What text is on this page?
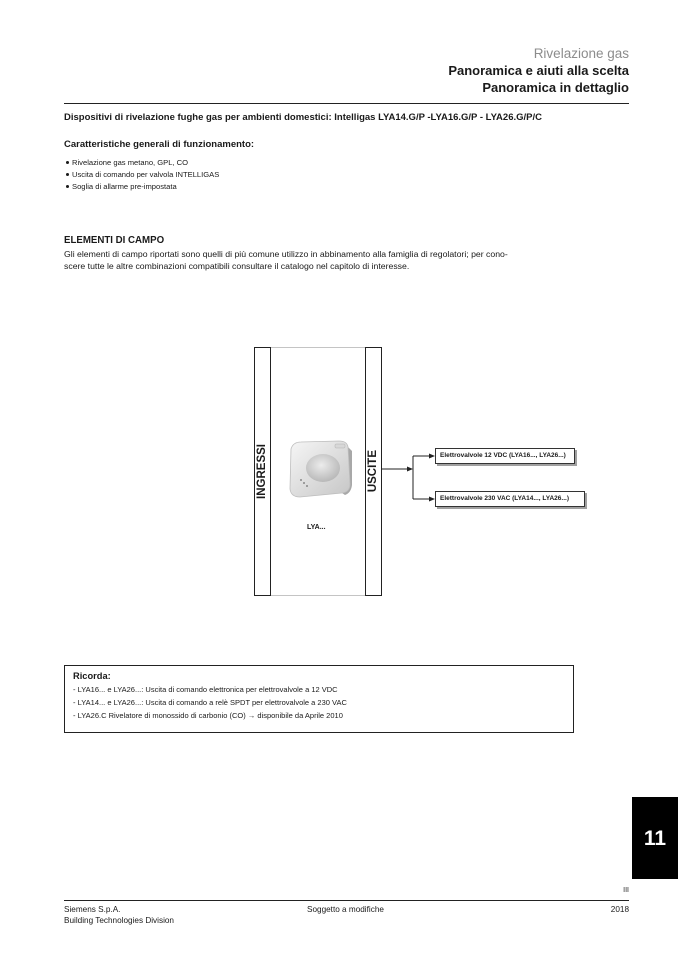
Rivelazione gas
Panoramica e aiuti alla scelta
Panoramica in dettaglio
Dispositivi di rivelazione fughe gas per ambienti domestici: Intelligas LYA14.G/P -LYA16.G/P - LYA26.G/P/C
Caratteristiche generali di funzionamento:
Rivelazione gas metano, GPL, CO
Uscita di comando per valvola INTELLIGAS
Soglia di allarme pre-impostata
ELEMENTI DI CAMPO
Gli elementi di campo riportati sono quelli di più comune utilizzo in abbinamento alla famiglia di regolatori; per cono-
scere tutte le altre combinazioni compatibili consultare il catalogo nel capitolo di interesse.
INGRESSI	USCITE
LYA...
Elettrovalvole 12 VDC (LYA16..., LYA26...)
Elettrovalvole 230 VAC (LYA14..., LYA26...)
Ricorda:
- LYA16... e LYA26...: Uscita di comando elettronica per elettrovalvole a 12 VDC
- LYA14... e LYA26...: Uscita di comando a relè SPDT per elettrovalvole a 230 VAC
- LYA26.C Rivelatore di monossido di carbonio (CO) → disponibile da Aprile 2010
11
III
Siemens S.p.A.
Building Technologies Division
Soggetto a modifiche	2018
